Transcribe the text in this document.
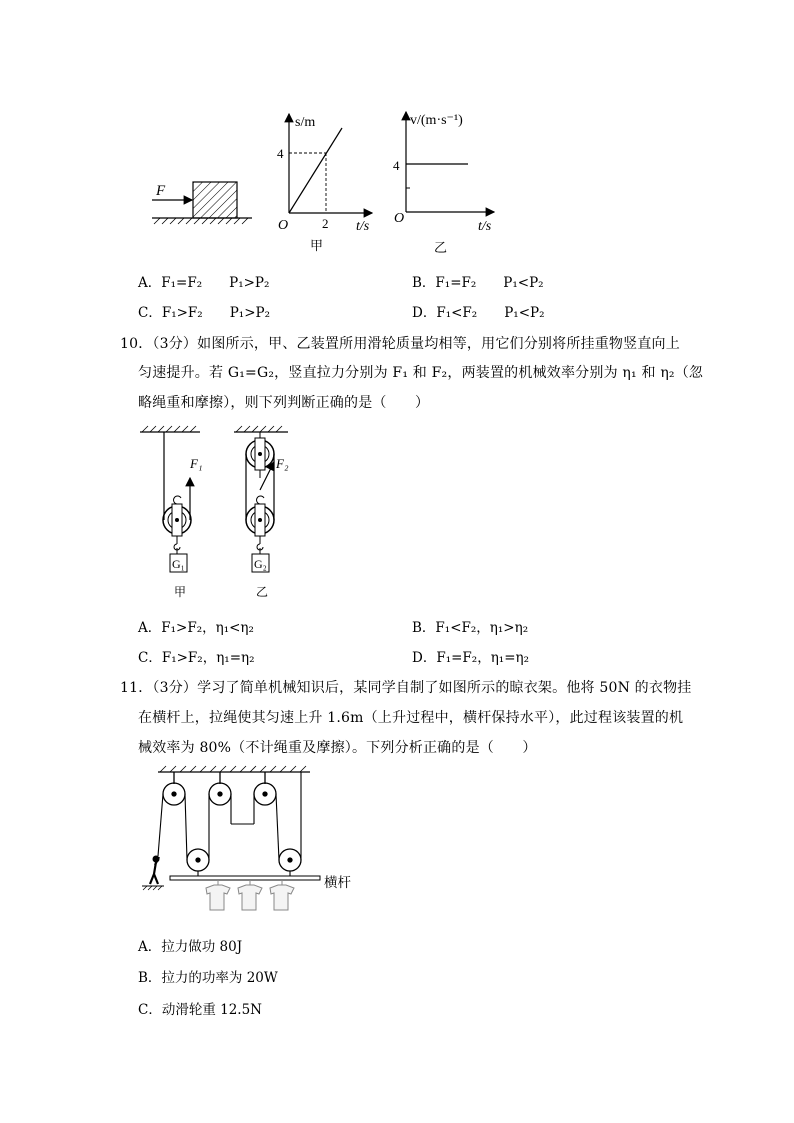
F
s/m
4
O	2 t/s
甲
v/(m·s⁻¹)
4
O
t/s
乙
A．F₁=F₂　　P₁>P₂	B．F₁=F₂　　P₁<P₂
C．F₁>F₂　　P₁>P₂	D．F₁<F₂　　P₁<P₂
10．（3分）如图所示，甲、乙装置所用滑轮质量均相等，用它们分别将所挂重物竖直向上
匀速提升。若 G₁=G₂，竖直拉力分别为 F₁ 和 F₂，两装置的机械效率分别为 η₁ 和 η₂（忽
略绳重和摩擦），则下列判断正确的是（　　）
F₁
G₁
甲
F₂
G₂
乙
A．F₁>F₂，η₁<η₂	B．F₁<F₂，η₁>η₂
C．F₁>F₂，η₁=η₂	D．F₁=F₂，η₁=η₂
11．（3分）学习了简单机械知识后，某同学自制了如图所示的晾衣架。他将 50N 的衣物挂
在横杆上，拉绳使其匀速上升 1.6m（上升过程中，横杆保持水平），此过程该装置的机
械效率为 80%（不计绳重及摩擦）。下列分析正确的是（　　）
横杆
A．拉力做功 80J
B．拉力的功率为 20W
C．动滑轮重 12.5N
